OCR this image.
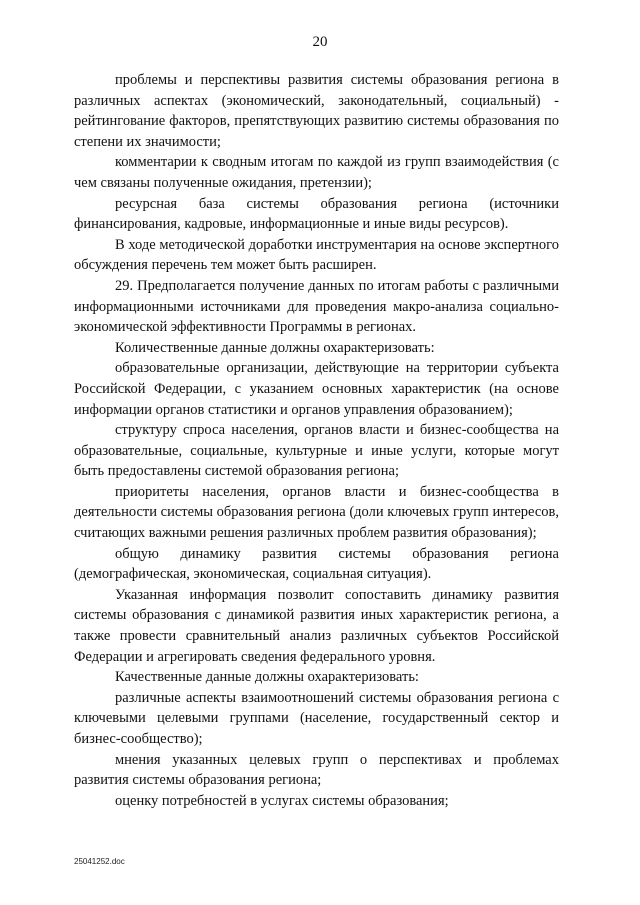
20

проблемы и перспективы развития системы образования региона в различных аспектах (экономический, законодательный, социальный) - рейтингование факторов, препятствующих развитию системы образования по степени их значимости;

комментарии к сводным итогам по каждой из групп взаимодействия (с чем связаны полученные ожидания, претензии);

ресурсная база системы образования региона (источники финансирования, кадровые, информационные и иные виды ресурсов).

В ходе методической доработки инструментария на основе экспертного обсуждения перечень тем может быть расширен.

29. Предполагается получение данных по итогам работы с различными информационными источниками для проведения макро-анализа социально-экономической эффективности Программы в регионах.

Количественные данные должны охарактеризовать:

образовательные организации, действующие на территории субъекта Российской Федерации, с указанием основных характеристик (на основе информации органов статистики и органов управления образованием);

структуру спроса населения, органов власти и бизнес-сообщества на образовательные, социальные, культурные и иные услуги, которые могут быть предоставлены системой образования региона;

приоритеты населения, органов власти и бизнес-сообщества в деятельности системы образования региона (доли ключевых групп интересов, считающих важными решения различных проблем развития образования);

общую динамику развития системы образования региона (демографическая, экономическая, социальная ситуация).

Указанная информация позволит сопоставить динамику развития системы образования с динамикой развития иных характеристик региона, а также провести сравнительный анализ различных субъектов Российской Федерации и агрегировать сведения федерального уровня.

Качественные данные должны охарактеризовать:

различные аспекты взаимоотношений системы образования региона с ключевыми целевыми группами (население, государственный сектор и бизнес-сообщество);

мнения указанных целевых групп о перспективах и проблемах развития системы образования региона;

оценку потребностей в услугах системы образования;

25041252.doc
